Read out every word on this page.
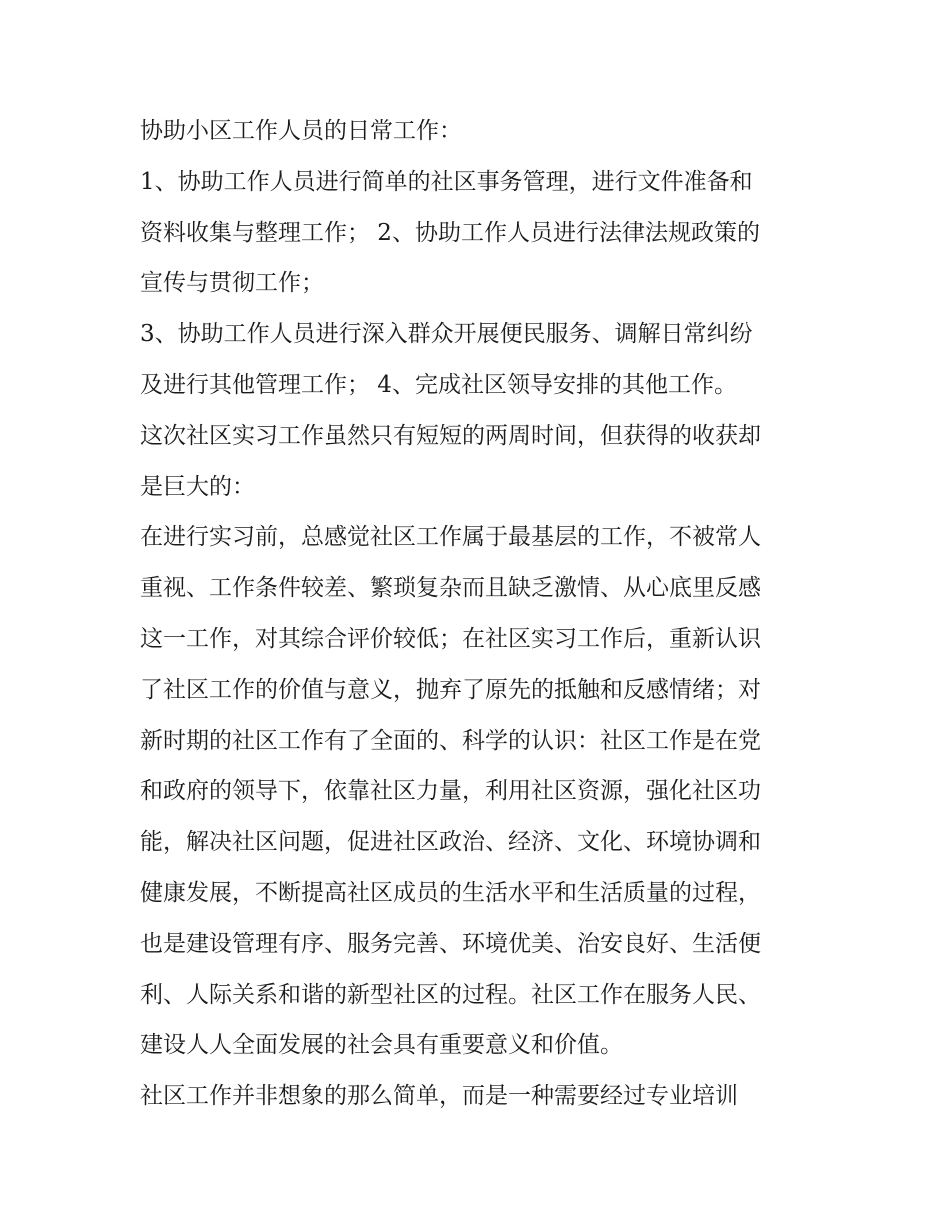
协助小区工作人员的日常工作：
1、协助工作人员进行简单的社区事务管理，进行文件准备和
资料收集与整理工作； 2、协助工作人员进行法律法规政策的
宣传与贯彻工作；
3、协助工作人员进行深入群众开展便民服务、调解日常纠纷
及进行其他管理工作； 4、完成社区领导安排的其他工作。
这次社区实习工作虽然只有短短的两周时间，但获得的收获却
是巨大的：
在进行实习前，总感觉社区工作属于最基层的工作，不被常人
重视、工作条件较差、繁琐复杂而且缺乏激情、从心底里反感
这一工作，对其综合评价较低；在社区实习工作后，重新认识
了社区工作的价值与意义，抛弃了原先的抵触和反感情绪；对
新时期的社区工作有了全面的、科学的认识：社区工作是在党
和政府的领导下，依靠社区力量，利用社区资源，强化社区功
能，解决社区问题，促进社区政治、经济、文化、环境协调和
健康发展，不断提高社区成员的生活水平和生活质量的过程，
也是建设管理有序、服务完善、环境优美、治安良好、生活便
利、人际关系和谐的新型社区的过程。社区工作在服务人民、
建设人人全面发展的社会具有重要意义和价值。
社区工作并非想象的那么简单，而是一种需要经过专业培训
